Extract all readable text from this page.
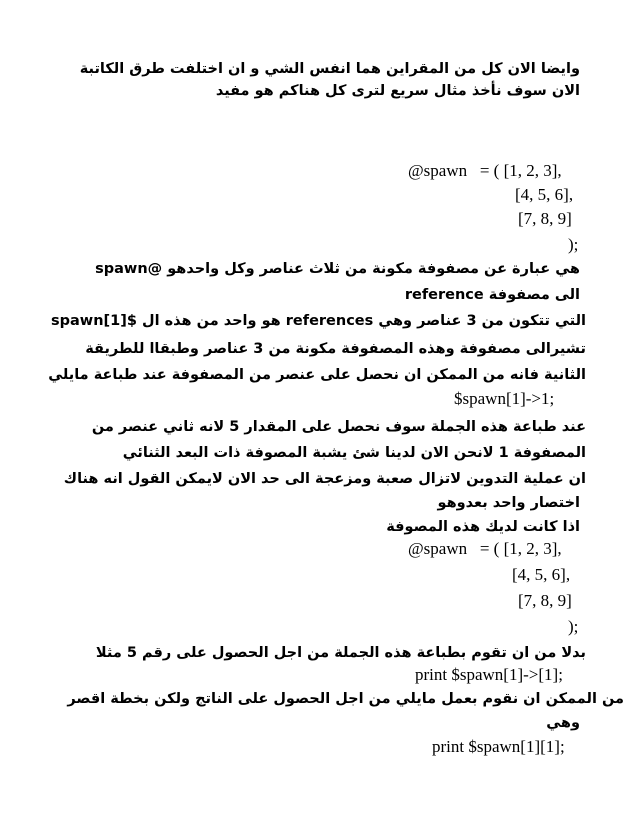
وايضا الان كل من المقراين هما انفس الشي و ان اختلفت طرق الكاتبة

الان سوف نأخذ مثال سريع لترى كل هناكم هو مفيد

@spawn   = ( [1, 2, 3],

[4, 5, 6],

[7, 8, 9]

);

هي عبارة عن مصفوفة مكونة من ثلاث عناصر وكل واحدهو @spawn

الى مصفوفة reference

التي تتكون من 3 عناصر وهي references هو واحد من هذه ال $spawn[1]

تشيرالى مصفوفة وهذه المصفوفة مكونة من 3 عناصر وطبقاا للطريقة

الثانية فانه من الممكن ان نحصل على عنصر من المصفوفة عند طباعة مايلي

$spawn[1]->1;

عند طباعة هذه الجملة سوف نحصل على المقدار 5 لانه ثاني عنصر من

المصفوفة 1 لانحن الان لدينا شئ يشبة المصوفة ذات البعد الثنائي

ان عملية التدوين لاتزال صعبة ومزعجة الى حد الان لايمكن القول انه هناك

اختصار واحد بعدوهو

اذا كانت لديك هذه المصوفة

@spawn   = ( [1, 2, 3],

[4, 5, 6],

[7, 8, 9]

);

بدلا من ان تقوم بطباعة هذه الجملة من اجل الحصول على رقم 5 مثلا

print $spawn[1]->[1];

من الممكن ان نقوم بعمل مايلي من اجل الحصول على الناتج ولكن بخطة اقصر

وهي

print $spawn[1][1];
